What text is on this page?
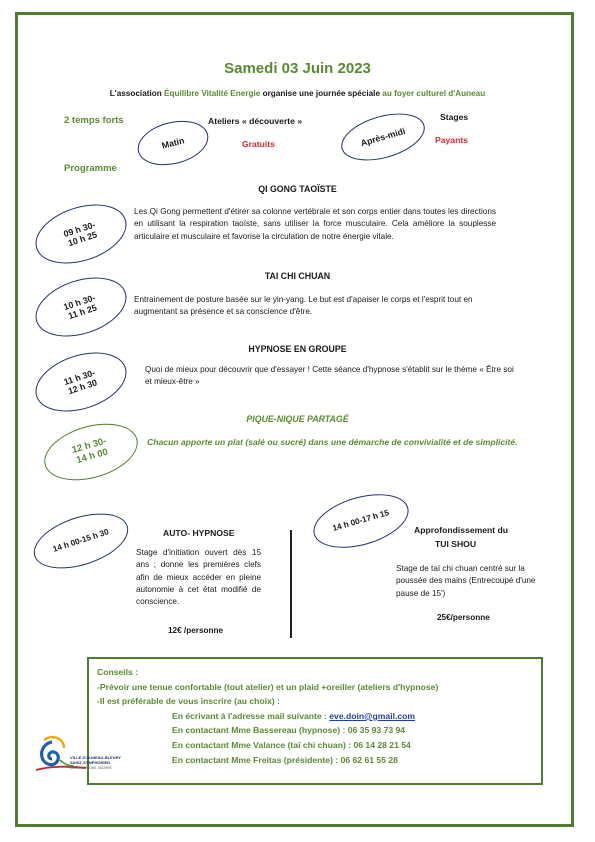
Samedi 03 Juin 2023
L'association Équilibre Vitalité Energie organise une journée spéciale au foyer culturel d'Auneau
2 temps forts
Programme
Matin
Ateliers « découverte »
Gratuits	Après-midi
Stages
Payants
QI GONG TAOÏSTE
09 h 30-
10 h 25
Les Qi Gong permettent d'étirer sa colonne vertébrale et son corps entier dans toutes les directions en utilisant la respiration taoïste, sans utiliser la force musculaire. Cela améliore la souplesse articulaire et musculaire et favorise la circulation de notre énergie vitale.
TAI CHI CHUAN
10 h 30-
11 h 25
Entrainement de posture basée sur le yin-yang. Le but est d'apaiser le corps et l'esprit tout en augmentant sa présence et sa conscience d'être.
HYPNOSE EN GROUPE
11 h 30-
12 h 30
Quoi de mieux pour découvrir que d'essayer ! Cette séance d'hypnose s'établit sur le thème « Être soi et mieux-être »
PIQUE-NIQUE PARTAGÉ
12 h 30-
14 h 00
Chacun apporte un plat (salé ou sucré) dans une démarche de convivialité et de simplicité.
14 h 00-15 h 30	AUTO- HYPNOSE
Stage d'initiation ouvert dès 15 ans ; donne les premières clefs afin de mieux accéder en pleine autonomie à cet état modifié de conscience.
12€ /personne
14 h 00-17 h 15	Approfondissement du
TUI SHOU
Stage de taï chi chuan centré sur la poussée des mains (Entrecoupé d'une pause de 15')
25€/personne
Conseils :
-Prévoir une tenue confortable (tout atelier) et un plaid +oreiller (ateliers d'hypnose)
-Il est préférable de vous inscrire (au choix) :
En écrivant à l'adresse mail suivante : eve.doin@gmail.com
En contactant Mme Bassereau (hypnose) : 06 35 93 73 94
En contactant Mme Valance (taï chi chuan) : 06 14 28 21 54
En contactant Mme Freitas (présidente) : 06 62 61 55 28
VILLE D'AUNEAU-BLEURY
SAINT-SYMPHORIEN
Cultivons nos racines
